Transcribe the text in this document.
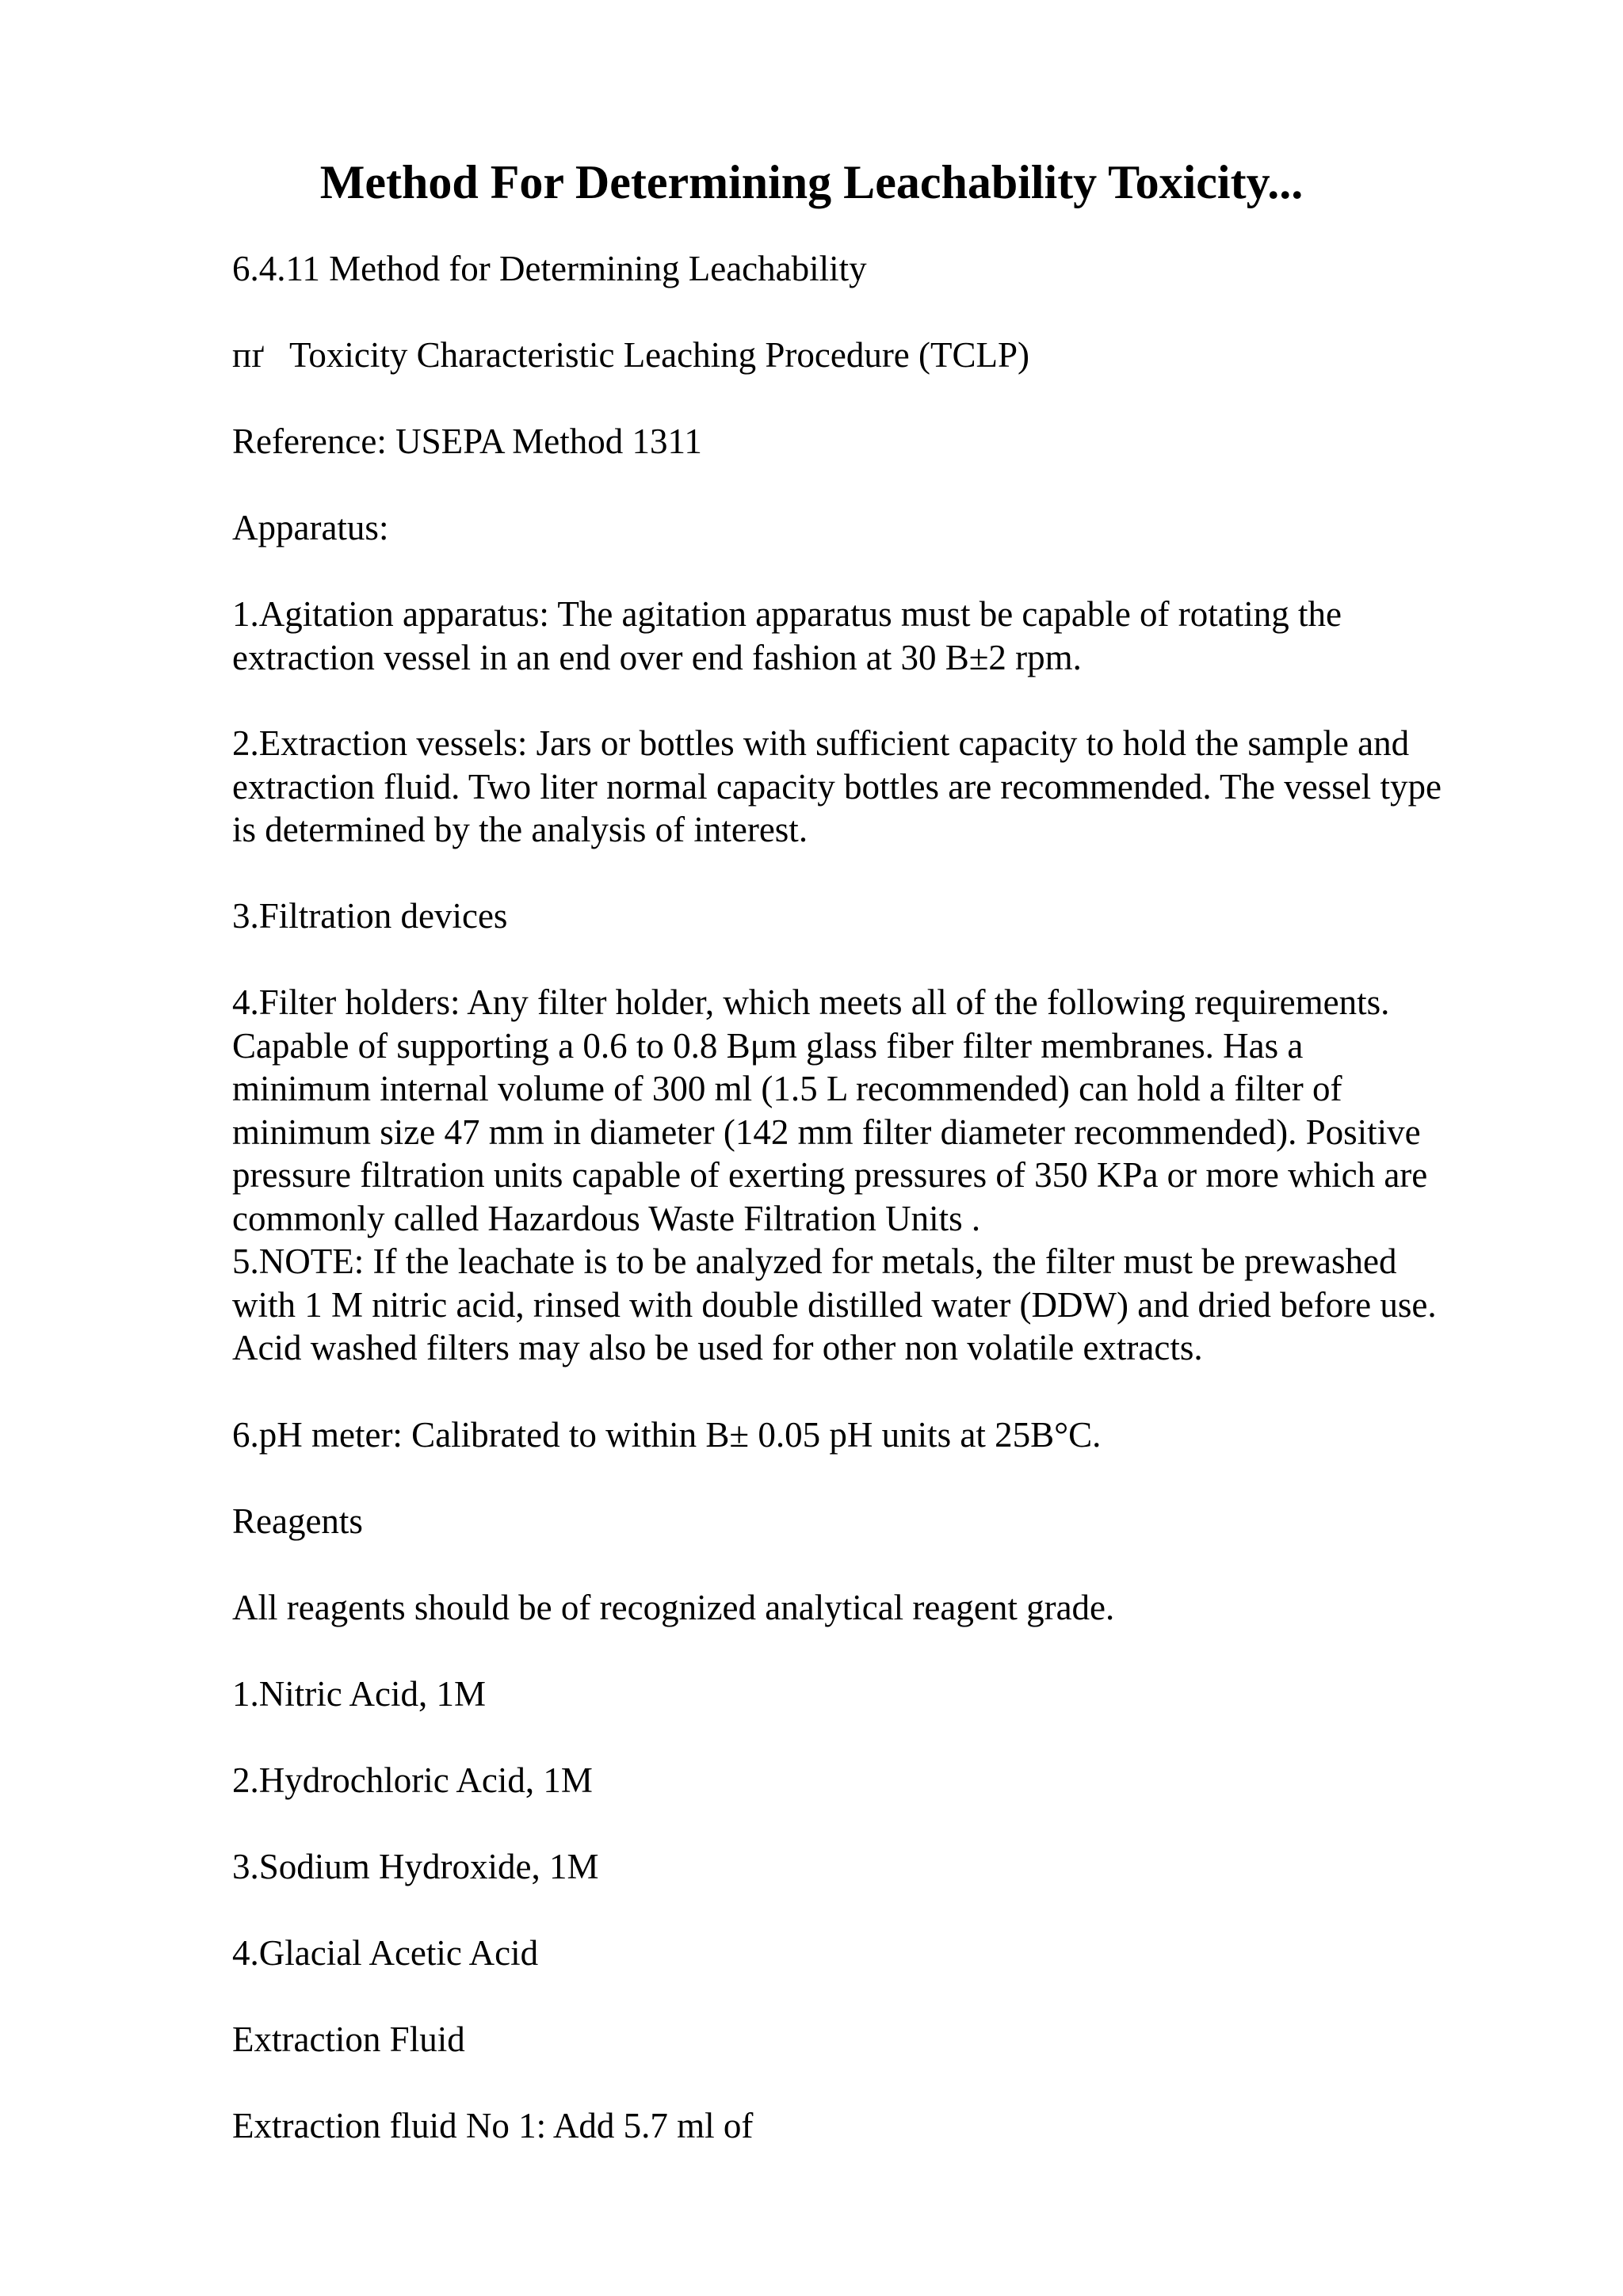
Method For Determining Leachability Toxicity...
6.4.11 Method for Determining Leachability
пґ Toxicity Characteristic Leaching Procedure (TCLP)
Reference: USEPA Method 1311
Apparatus:
1.Agitation apparatus: The agitation apparatus must be capable of rotating the
extraction vessel in an end over end fashion at 30 B±2 rpm.
2.Extraction vessels: Jars or bottles with sufficient capacity to hold the sample and
extraction fluid. Two liter normal capacity bottles are recommended. The vessel type
is determined by the analysis of interest.
3.Filtration devices
4.Filter holders: Any filter holder, which meets all of the following requirements.
Capable of supporting a 0.6 to 0.8 Bμm glass fiber filter membranes. Has a
minimum internal volume of 300 ml (1.5 L recommended) can hold a filter of
minimum size 47 mm in diameter (142 mm filter diameter recommended). Positive
pressure filtration units capable of exerting pressures of 350 KPa or more which are
commonly called Hazardous Waste Filtration Units .
5.NOTE: If the leachate is to be analyzed for metals, the filter must be prewashed
with 1 M nitric acid, rinsed with double distilled water (DDW) and dried before use.
Acid washed filters may also be used for other non volatile extracts.
6.pH meter: Calibrated to within B± 0.05 pH units at 25B°C.
Reagents
All reagents should be of recognized analytical reagent grade.
1.Nitric Acid, 1M
2.Hydrochloric Acid, 1M
3.Sodium Hydroxide, 1M
4.Glacial Acetic Acid
Extraction Fluid
Extraction fluid No 1: Add 5.7 ml of
